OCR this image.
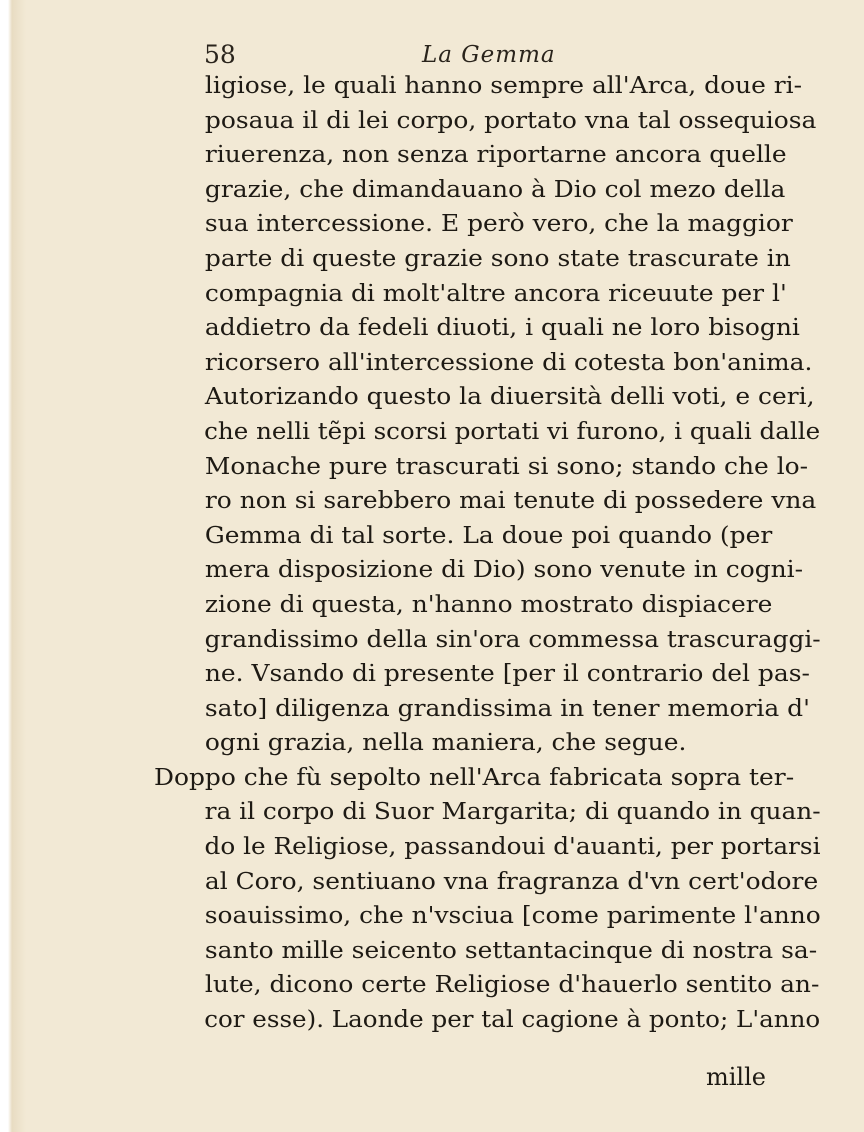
58	La Gemma
ligiose, le quali hanno sempre all'Arca, doue ri-
posaua il di lei corpo, portato vna tal ossequiosa
riuerenza, non senza riportarne ancora quelle
grazie, che dimandauano à Dio col mezo della
sua intercessione. E però vero, che la maggior
parte di queste grazie sono state trascurate in
compagnia di molt'altre ancora riceuute per l'
addietro da fedeli diuoti, i quali ne loro bisogni
ricorsero all'intercessione di cotesta bon'anima.
Autorizando questo la diuersità delli voti, e ceri,
che nelli tẽpi scorsi portati vi furono, i quali dalle
Monache pure trascurati si sono; stando che lo-
ro non si sarebbero mai tenute di possedere vna
Gemma di tal sorte. La doue poi quando (per
mera disposizione di Dio) sono venute in cogni-
zione di questa, n'hanno mostrato dispiacere
grandissimo della sin'ora commessa trascuraggi-
ne. Vsando di presente [per il contrario del pas-
sato] diligenza grandissima in tener memoria d'
ogni grazia, nella maniera, che segue.
Doppo che fù sepolto nell'Arca fabricata sopra ter-
ra il corpo di Suor Margarita; di quando in quan-
do le Religiose, passandoui d'auanti, per portarsi
al Coro, sentiuano vna fragranza d'vn cert'odore
soauissimo, che n'vsciua [come parimente l'anno
santo mille seicento settantacinque di nostra sa-
lute, dicono certe Religiose d'hauerlo sentito an-
cor esse). Laonde per tal cagione à ponto; L'anno
mille
